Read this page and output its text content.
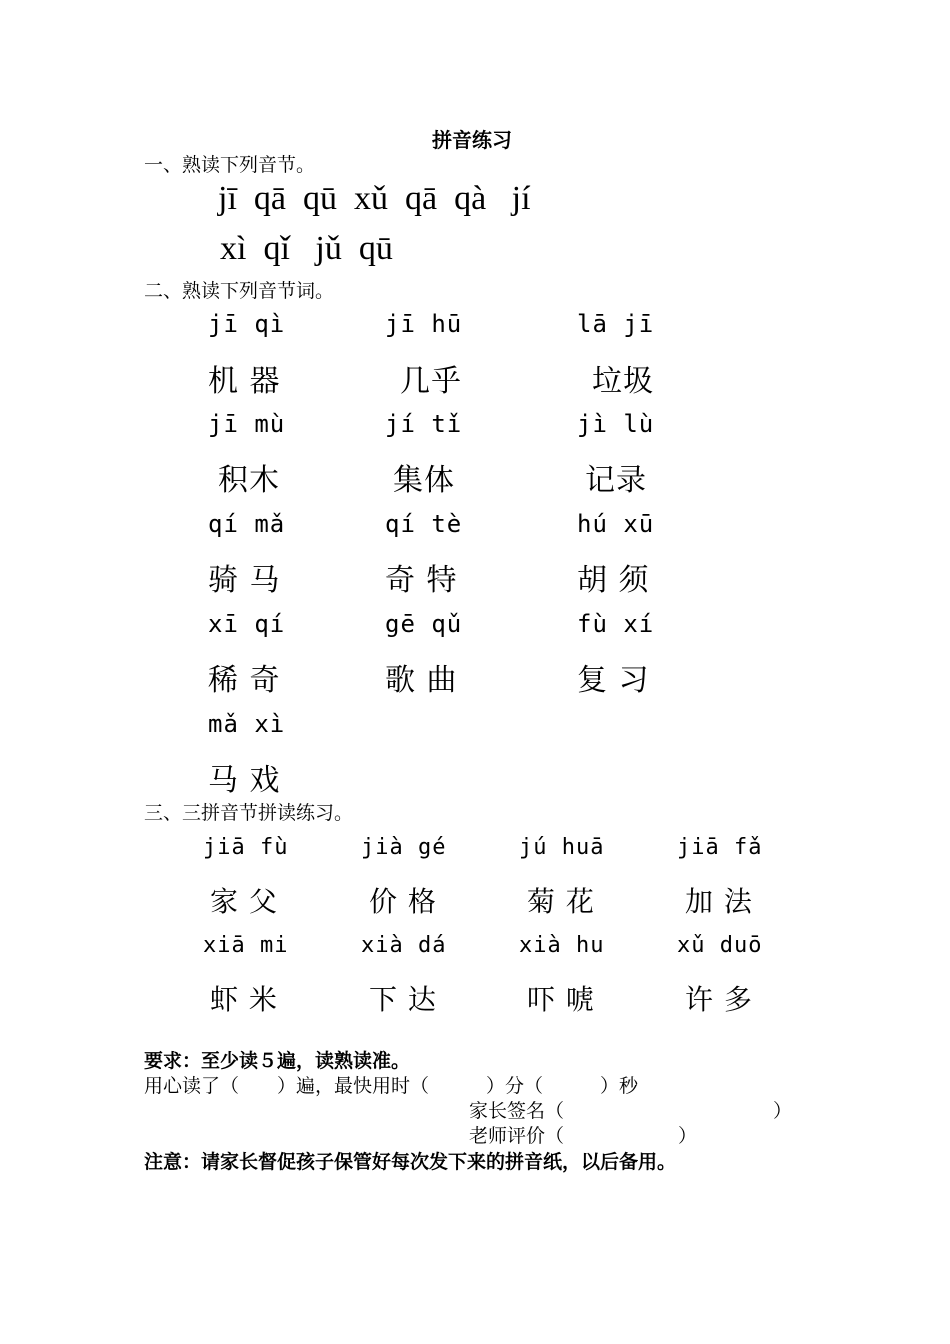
拼音练习
一、熟读下列音节。
jī  qā  qū  xǔ  qā  qà   jí
xì  qǐ   jǔ  qū
二、熟读下列音节词。
jī qì
机 器
jī hū
几乎
lā jī
垃圾
jī mù
积木
jí tǐ
集体
jì lù
记录
qí mǎ
骑 马
qí tè
奇 特
hú xū
胡 须
xī qí
稀 奇
gē qǔ
歌 曲
fù xí
复 习
mǎ xì
马 戏
三、三拼音节拼读练习。
jiā fù
家 父
jià gé
价 格
jú huā
菊 花
jiā fǎ
加 法
xiā mi
虾 米
xià dá
下 达
xià hu
吓 唬
xǔ duō
许 多
要求：至少读５遍，读熟读准。
用心读了（　　）遍，最快用时（　　　）分（　　　）秒
家长签名（　　　　　　　　　　　）
老师评价（　　　　　　）
注意：请家长督促孩子保管好每次发下来的拼音纸，以后备用。
